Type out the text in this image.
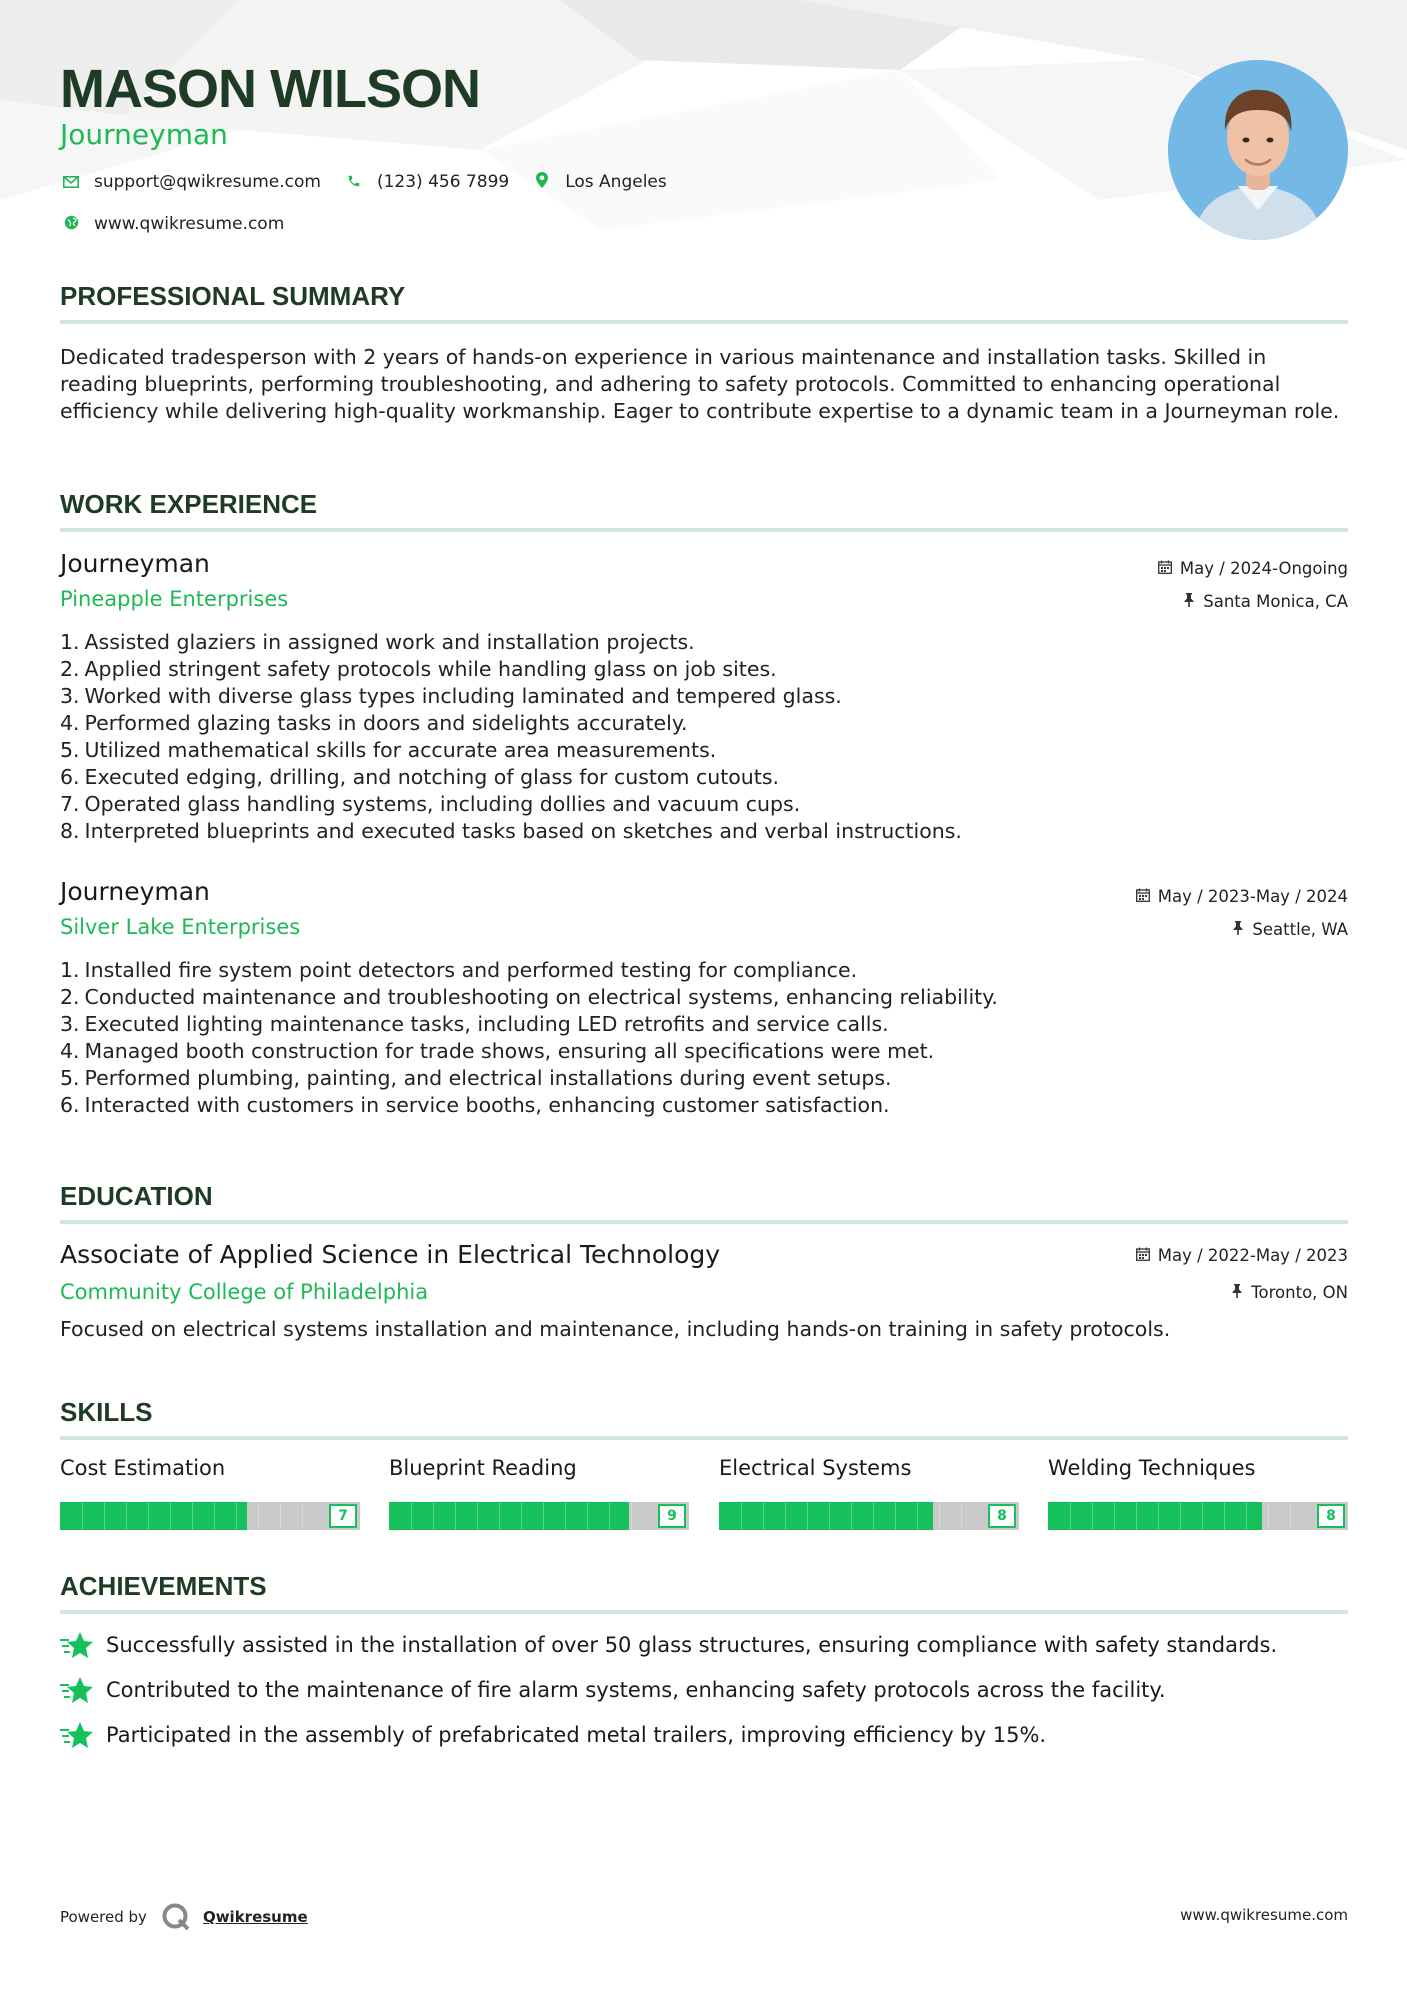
MASON WILSON
Journeyman
support@qwikresume.com	(123) 456 7899	Los Angeles
www.qwikresume.com
PROFESSIONAL SUMMARY
Dedicated tradesperson with 2 years of hands-on experience in various maintenance and installation tasks. Skilled in reading blueprints, performing troubleshooting, and adhering to safety protocols. Committed to enhancing operational efficiency while delivering high-quality workmanship. Eager to contribute expertise to a dynamic team in a Journeyman role.
WORK EXPERIENCE
Journeyman	May / 2024-Ongoing
Pineapple Enterprises	Santa Monica, CA
1.
Assisted glaziers in assigned work and installation projects.
2.
Applied stringent safety protocols while handling glass on job sites.
3.
Worked with diverse glass types including laminated and tempered glass.
4.
Performed glazing tasks in doors and sidelights accurately.
5.
Utilized mathematical skills for accurate area measurements.
6.
Executed edging, drilling, and notching of glass for custom cutouts.
7.
Operated glass handling systems, including dollies and vacuum cups.
8.
Interpreted blueprints and executed tasks based on sketches and verbal instructions.
Journeyman	May / 2023-May / 2024
Silver Lake Enterprises	Seattle, WA
1.
Installed fire system point detectors and performed testing for compliance.
2.
Conducted maintenance and troubleshooting on electrical systems, enhancing reliability.
3.
Executed lighting maintenance tasks, including LED retrofits and service calls.
4.
Managed booth construction for trade shows, ensuring all specifications were met.
5.
Performed plumbing, painting, and electrical installations during event setups.
6.
Interacted with customers in service booths, enhancing customer satisfaction.
EDUCATION
Associate of Applied Science in Electrical Technology	May / 2022-May / 2023
Community College of Philadelphia	Toronto, ON
Focused on electrical systems installation and maintenance, including hands-on training in safety protocols.
SKILLS
Cost Estimation
7
Blueprint Reading
9
Electrical Systems
8
Welding Techniques
8
ACHIEVEMENTS
Successfully assisted in the installation of over 50 glass structures, ensuring compliance with safety standards.
Contributed to the maintenance of fire alarm systems, enhancing safety protocols across the facility.
Participated in the assembly of prefabricated metal trailers, improving efficiency by 15%.
Powered by	Qwikresume	www.qwikresume.com
